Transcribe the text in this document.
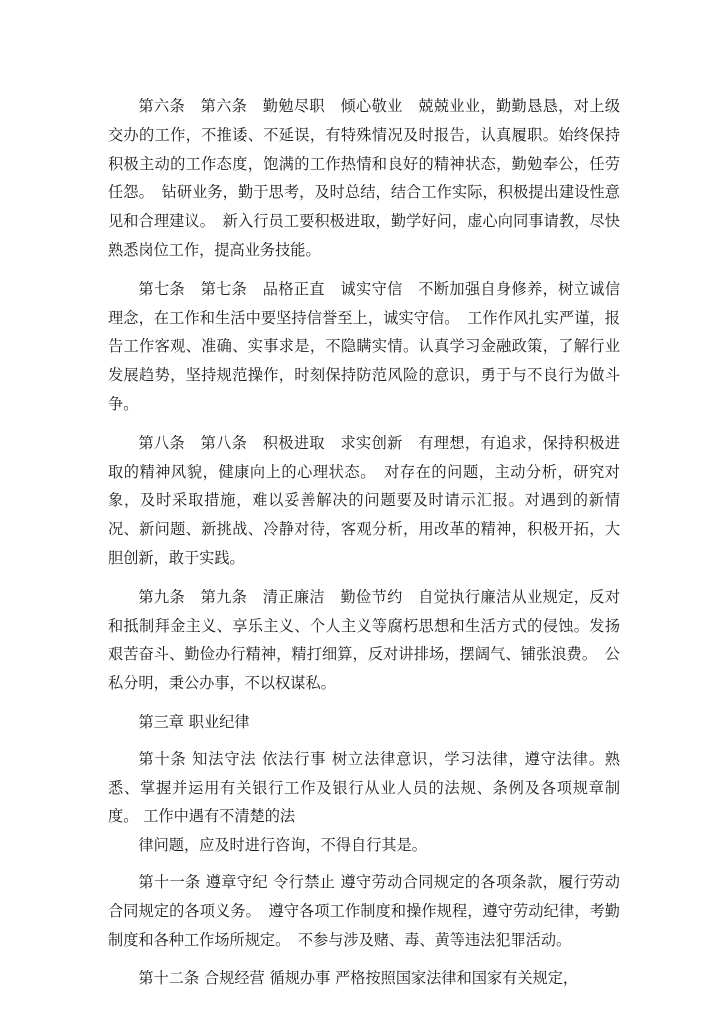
第六条　第六条　勤勉尽职　倾心敬业　兢兢业业，勤勤恳恳，对上级交办的工作，不推诿、不延误，有特殊情况及时报告，认真履职。始终保持积极主动的工作态度，饱满的工作热情和良好的精神状态，勤勉奉公，任劳任怨。　钻研业务，勤于思考，及时总结，结合工作实际，积极提出建设性意见和合理建议。　新入行员工要积极进取，勤学好问，虚心向同事请教，尽快熟悉岗位工作，提高业务技能。

第七条　第七条　品格正直　诚实守信　不断加强自身修养，树立诚信理念，在工作和生活中要坚持信誉至上，诚实守信。　工作作风扎实严谨，报告工作客观、准确、实事求是，不隐瞒实情。认真学习金融政策，了解行业发展趋势，坚持规范操作，时刻保持防范风险的意识，勇于与不良行为做斗争。

第八条　第八条　积极进取　求实创新　有理想，有追求，保持积极进取的精神风貌，健康向上的心理状态。　对存在的问题，主动分析，研究对象，及时采取措施，难以妥善解决的问题要及时请示汇报。对遇到的新情况、新问题、新挑战、冷静对待，客观分析，用改革的精神，积极开拓，大胆创新，敢于实践。

第九条　第九条　清正廉洁　勤俭节约　自觉执行廉洁从业规定，反对和抵制拜金主义、享乐主义、个人主义等腐朽思想和生活方式的侵蚀。发扬艰苦奋斗、勤俭办行精神，精打细算，反对讲排场，摆阔气、铺张浪费。　公私分明，秉公办事，不以权谋私。

第三章 职业纪律

第十条 知法守法 依法行事 树立法律意识，学习法律，遵守法律。熟悉、掌握并运用有关银行工作及银行从业人员的法规、条例及各项规章制度。 工作中遇有不清楚的法

律问题，应及时进行咨询，不得自行其是。

第十一条 遵章守纪 令行禁止 遵守劳动合同规定的各项条款，履行劳动合同规定的各项义务。　遵守各项工作制度和操作规程，遵守劳动纪律，考勤制度和各种工作场所规定。　不参与涉及赌、毒、黄等违法犯罪活动。

第十二条 合规经营 循规办事 严格按照国家法律和国家有关规定，
